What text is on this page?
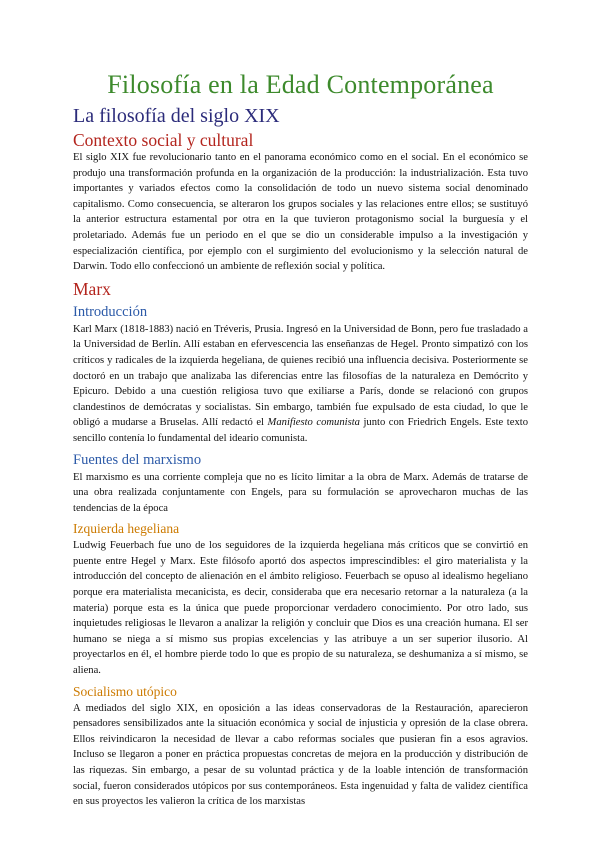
Filosofía en la Edad Contemporánea
La filosofía del siglo XIX
Contexto social y cultural

El siglo XIX fue revolucionario tanto en el panorama económico como en el social. En el económico se produjo una transformación profunda en la organización de la producción: la industrialización. Esta tuvo importantes y variados efectos como la consolidación de todo un nuevo sistema social denominado capitalismo. Como consecuencia, se alteraron los grupos sociales y las relaciones entre ellos; se sustituyó la anterior estructura estamental por otra en la que tuvieron protagonismo social la burguesía y el proletariado. Además fue un periodo en el que se dio un considerable impulso a la investigación y especialización científica, por ejemplo con el surgimiento del evolucionismo y la selección natural de Darwin. Todo ello confeccionó un ambiente de reflexión social y política.

Marx
Introducción

Karl Marx (1818-1883) nació en Tréveris, Prusia. Ingresó en la Universidad de Bonn, pero fue trasladado a la Universidad de Berlín. Allí estaban en efervescencia las enseñanzas de Hegel. Pronto simpatizó con los críticos y radicales de la izquierda hegeliana, de quienes recibió una influencia decisiva. Posteriormente se doctoró en un trabajo que analizaba las diferencias entre las filosofías de la naturaleza en Demócrito y Epicuro. Debido a una cuestión religiosa tuvo que exiliarse a París, donde se relacionó con grupos clandestinos de demócratas y socialistas. Sin embargo, también fue expulsado de esta ciudad, lo que le obligó a mudarse a Bruselas. Allí redactó el Manifiesto comunista junto con Friedrich Engels. Este texto sencillo contenía lo fundamental del ideario comunista.

Fuentes del marxismo

El marxismo es una corriente compleja que no es lícito limitar a la obra de Marx. Además de tratarse de una obra realizada conjuntamente con Engels, para su formulación se aprovecharon muchas de las tendencias de la época

Izquierda hegeliana

Ludwig Feuerbach fue uno de los seguidores de la izquierda hegeliana más críticos que se convirtió en puente entre Hegel y Marx. Este filósofo aportó dos aspectos imprescindibles: el giro materialista y la introducción del concepto de alienación en el ámbito religioso. Feuerbach se opuso al idealismo hegeliano porque era materialista mecanicista, es decir, consideraba que era necesario retornar a la naturaleza (a la materia) porque esta es la única que puede proporcionar verdadero conocimiento. Por otro lado, sus inquietudes religiosas le llevaron a analizar la religión y concluir que Dios es una creación humana. El ser humano se niega a sí mismo sus propias excelencias y las atribuye a un ser superior ilusorio. Al proyectarlos en él, el hombre pierde todo lo que es propio de su naturaleza, se deshumaniza a sí mismo, se aliena.

Socialismo utópico

A mediados del siglo XIX, en oposición a las ideas conservadoras de la Restauración, aparecieron pensadores sensibilizados ante la situación económica y social de injusticia y opresión de la clase obrera. Ellos reivindicaron la necesidad de llevar a cabo reformas sociales que pusieran fin a esos agravios. Incluso se llegaron a poner en práctica propuestas concretas de mejora en la producción y distribución de las riquezas. Sin embargo, a pesar de su voluntad práctica y de la loable intención de transformación social, fueron considerados utópicos por sus contemporáneos. Esta ingenuidad y falta de validez científica en sus proyectos les valieron la crítica de los marxistas
